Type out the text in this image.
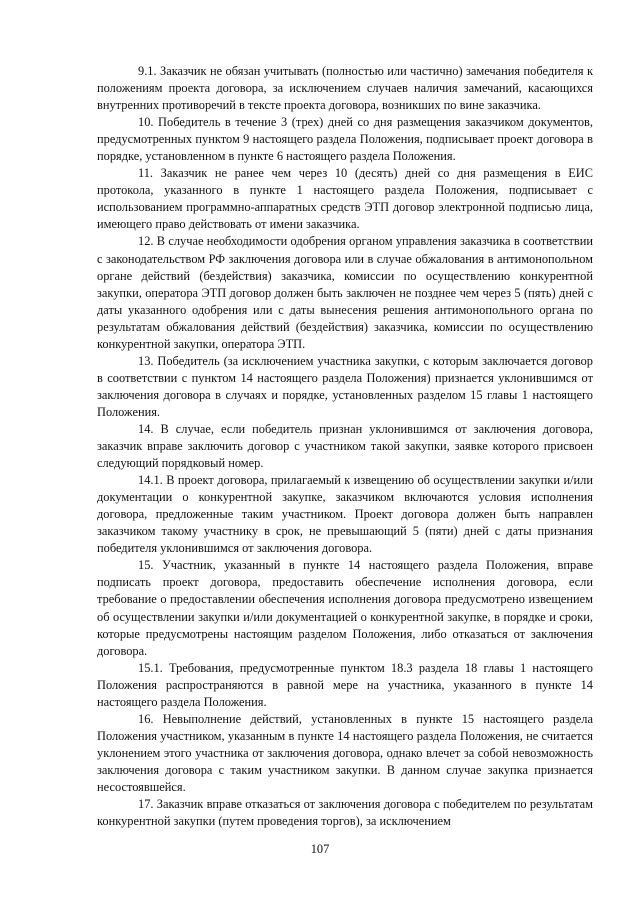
9.1. Заказчик не обязан учитывать (полностью или частично) замечания победителя к положениям проекта договора, за исключением случаев наличия замечаний, касающихся внутренних противоречий в тексте проекта договора, возникших по вине заказчика.

10. Победитель в течение 3 (трех) дней со дня размещения заказчиком документов, предусмотренных пунктом 9 настоящего раздела Положения, подписывает проект договора в порядке, установленном в пункте 6 настоящего раздела Положения.

11. Заказчик не ранее чем через 10 (десять) дней со дня размещения в ЕИС протокола, указанного в пункте 1 настоящего раздела Положения, подписывает с использованием программно-аппаратных средств ЭТП договор электронной подписью лица, имеющего право действовать от имени заказчика.

12. В случае необходимости одобрения органом управления заказчика в соответствии с законодательством РФ заключения договора или в случае обжалования в антимонопольном органе действий (бездействия) заказчика, комиссии по осуществлению конкурентной закупки, оператора ЭТП договор должен быть заключен не позднее чем через 5 (пять) дней с даты указанного одобрения или с даты вынесения решения антимонопольного органа по результатам обжалования действий (бездействия) заказчика, комиссии по осуществлению конкурентной закупки, оператора ЭТП.

13. Победитель (за исключением участника закупки, с которым заключается договор в соответствии с пунктом 14 настоящего раздела Положения) признается уклонившимся от заключения договора в случаях и порядке, установленных разделом 15 главы 1 настоящего Положения.

14. В случае, если победитель признан уклонившимся от заключения договора, заказчик вправе заключить договор с участником такой закупки, заявке которого присвоен следующий порядковый номер.

14.1. В проект договора, прилагаемый к извещению об осуществлении закупки и/или документации о конкурентной закупке, заказчиком включаются условия исполнения договора, предложенные таким участником. Проект договора должен быть направлен заказчиком такому участнику в срок, не превышающий 5 (пяти) дней с даты признания победителя уклонившимся от заключения договора.

15. Участник, указанный в пункте 14 настоящего раздела Положения, вправе подписать проект договора, предоставить обеспечение исполнения договора, если требование о предоставлении обеспечения исполнения договора предусмотрено извещением об осуществлении закупки и/или документацией о конкурентной закупке, в порядке и сроки, которые предусмотрены настоящим разделом Положения, либо отказаться от заключения договора.

15.1. Требования, предусмотренные пунктом 18.3 раздела 18 главы 1 настоящего Положения распространяются в равной мере на участника, указанного в пункте 14 настоящего раздела Положения.

16. Невыполнение действий, установленных в пункте 15 настоящего раздела Положения участником, указанным в пункте 14 настоящего раздела Положения, не считается уклонением этого участника от заключения договора, однако влечет за собой невозможность заключения договора с таким участником закупки. В данном случае закупка признается несостоявшейся.

17. Заказчик вправе отказаться от заключения договора с победителем по результатам конкурентной закупки (путем проведения торгов), за исключением

107
